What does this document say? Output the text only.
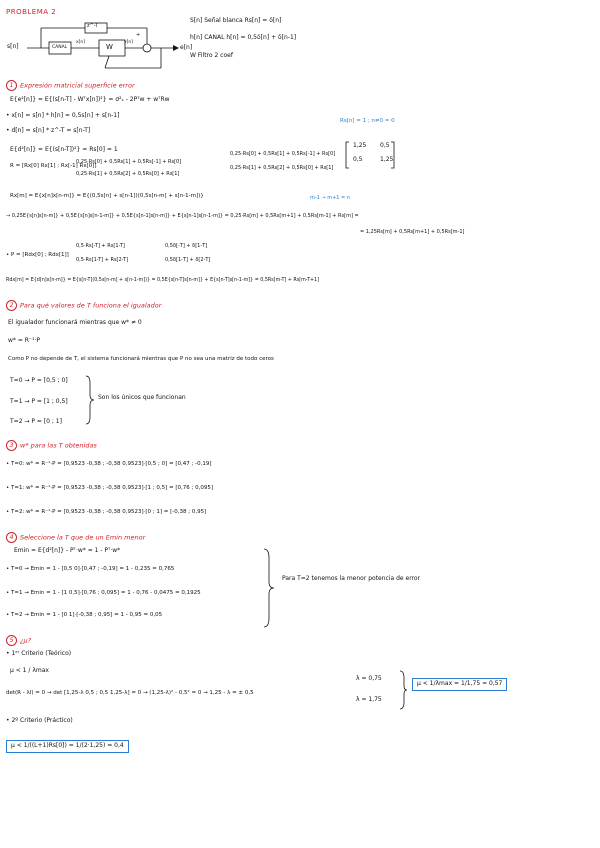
PROBLEMA 2
s[n]
z^-T
CANAL	W
x[n]	y[n]
e[n]
+
S[n] Señal blanca Rs[n] = δ[n]
h[n] CANAL h[n] = 0,5δ[n] + δ[n-1]
W Filtro 2 coef
1 Expresión matricial superficie error
E{e²[n]} = E{(s[n-T] - Wᵀx[n])²} = σ²ₛ - 2Pᵀw + wᵀRw
• x[n] = s[n] * h[n] = 0,5s[n] + s[n-1]
• d[n] = s[n] * z^-T = s[n-T]
Rs[n] = 1 ; n≠0 = 0
E{d²[n]} = E{(s[n-T])²} = Rs[0] = 1
R = [Rx[0] Rx[1] ; Rx[-1] Rx[0]]
0,25·Rs[0] + 0,5Rs[1] + 0,5Rs[-1] + Rs[0]
0,25·Rs[1] + 0,5Rs[2] + 0,5Rs[0] + Rs[1]
0,25·Rs[0] + 0,5Rs[1] + 0,5Rs[-1] + Rs[0]
0,25·Rs[1] + 0,5Rs[2] + 0,5Rs[0] + Rs[1]
1,25 0,5
0,5	1,25
Rx[m] = E{x[n]x[n-m]} = E{(0,5s[n] + s[n-1])(0,5s[n-m] + s[n-1-m])}	m-1 → m+1 = n
→ 0,25E{s[n]s[n-m]} + 0,5E{s[n]s[n-1-m]} + 0,5E{s[n-1]s[n-m]} + E{s[n-1]s[n-1-m]} = 0,25·Rs[m] + 0,5Rs[m+1] + 0,5Rs[m-1] + Rs[m] =
= 1,25Rs[m] + 0,5Rs[m+1] + 0,5Rs[m-1]
• P = [Rdx[0] ; Rdx[1]]
0,5·Rs[-T] + Rs[1-T]
0,5·Rs[1-T] + Rs[2-T]
0,5δ[-T] + δ[1-T]
0,5δ[1-T] + δ[2-T]
Rdx[m] = E{d[n]x[n-m]} = E{s[n-T](0,5s[n-m] + s[n-1-m])} = 0,5E{s[n-T]s[n-m]} + E{s[n-T]s[n-1-m]} = 0,5Rs[m-T] + Rs[m-T+1]
2 Para qué valores de T funciona el igualador
El igualador funcionará mientras que w* ≠ 0
w* = R⁻¹·P
Como P no depende de T, el sistema funcionará mientras que P no sea una matriz de todo ceros
T=0 → P = [0,5 ; 0]
T=1 → P = [1 ; 0,5]
T=2 → P = [0 ; 1]
Son los únicos que funcionan
3 w* para las T obtenidas
• T=0: w* = R⁻¹·P = [0,9523 -0,38 ; -0,38 0,9523]·[0,5 ; 0] = [0,47 ; -0,19]
• T=1: w* = R⁻¹·P = [0,9523 -0,38 ; -0,38 0,9523]·[1 ; 0,5] = [0,76 ; 0,095]
• T=2: w* = R⁻¹·P = [0,9523 -0,38 ; -0,38 0,9523]·[0 ; 1] = [-0,38 ; 0,95]
4 Seleccione la T que de un Emin menor
Emin = E{d²[n]} - Pᵀ·w* = 1 - Pᵀ·w*
• T=0 → Emin = 1 - [0,5 0]·[0,47 ; -0,19] = 1 - 0,235 = 0,765
• T=1 → Emin = 1 - [1 0,5]·[0,76 ; 0,095] = 1 - 0,76 - 0,0475 = 0,1925
• T=2 → Emin = 1 - [0 1]·[-0,38 ; 0,95] = 1 - 0,95 = 0,05
Para T=2 tenemos la menor potencia de error
5 ¿μ?
• 1ᵉʳ Criterio (Teórico)
μ < 1 / λmax
det(R - λI) = 0 → det [1,25-λ 0,5 ; 0,5 1,25-λ] = 0 → (1,25-λ)² - 0,5² = 0 → 1,25 - λ = ± 0,5
λ = 0,75
λ = 1,75
μ < 1/λmax = 1/1,75 = 0,57
• 2º Criterio (Práctico)
μ < 1/((L+1)Rs[0]) = 1/(2·1,25) = 0,4
